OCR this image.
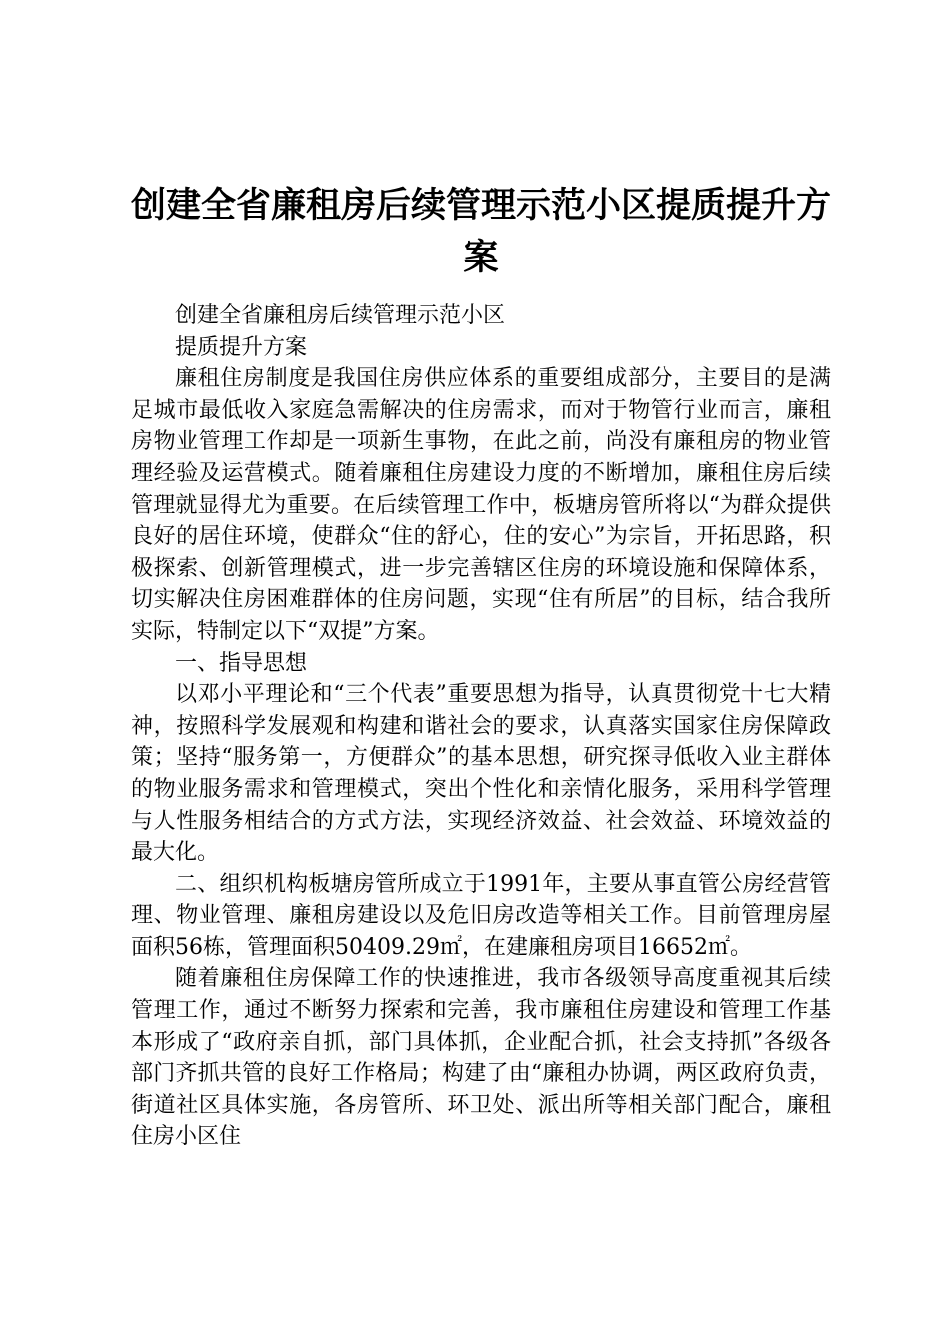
创建全省廉租房后续管理示范小区提质提升方
案

创建全省廉租房后续管理示范小区

提质提升方案

廉租住房制度是我国住房供应体系的重要组成部分，主要目的是满足城市最低收入家庭急需解决的住房需求，而对于物管行业而言，廉租房物业管理工作却是一项新生事物，在此之前，尚没有廉租房的物业管理经验及运营模式。随着廉租住房建设力度的不断增加，廉租住房后续管理就显得尤为重要。在后续管理工作中，板塘房管所将以“为群众提供良好的居住环境，使群众“住的舒心，住的安心”为宗旨，开拓思路，积极探索、创新管理模式，进一步完善辖区住房的环境设施和保障体系，切实解决住房困难群体的住房问题，实现“住有所居”的目标，结合我所实际，特制定以下“双提”方案。

一、指导思想

以邓小平理论和“三个代表”重要思想为指导，认真贯彻党十七大精神，按照科学发展观和构建和谐社会的要求，认真落实国家住房保障政策；坚持“服务第一，方便群众”的基本思想，研究探寻低收入业主群体的物业服务需求和管理模式，突出个性化和亲情化服务，采用科学管理与人性服务相结合的方式方法，实现经济效益、社会效益、环境效益的最大化。

二、组织机构板塘房管所成立于1991年，主要从事直管公房经营管理、物业管理、廉租房建设以及危旧房改造等相关工作。目前管理房屋面积56栋，管理面积50409.29㎡，在建廉租房项目16652㎡。

随着廉租住房保障工作的快速推进，我市各级领导高度重视其后续管理工作，通过不断努力探索和完善，我市廉租住房建设和管理工作基本形成了“政府亲自抓，部门具体抓，企业配合抓，社会支持抓”各级各部门齐抓共管的良好工作格局；构建了由“廉租办协调，两区政府负责，街道社区具体实施，各房管所、环卫处、派出所等相关部门配合，廉租住房小区住
